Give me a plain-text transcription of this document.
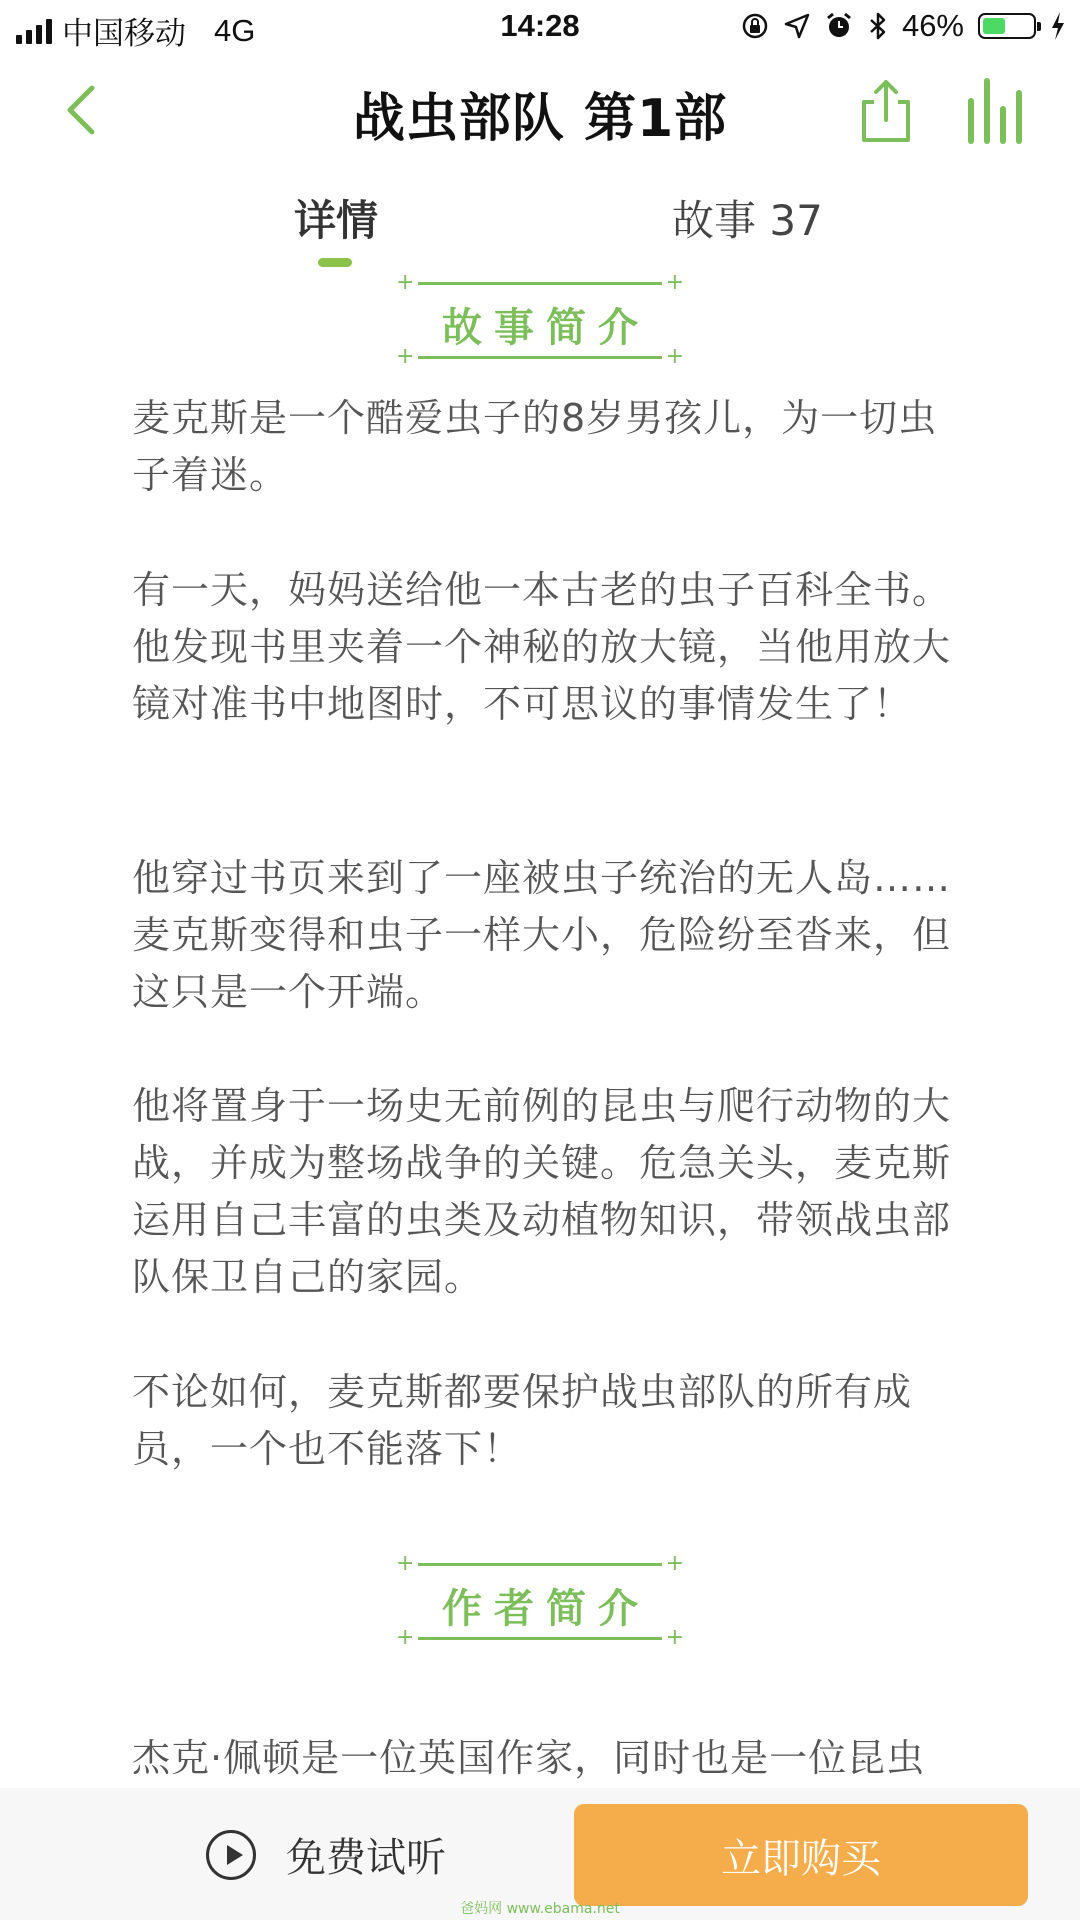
中国移动 4G	14:28	46%
战虫部队 第1部
详情	故事 37
+	+
故事简介
+	+

麦克斯是一个酷爱虫子的8岁男孩儿，为一切虫子着迷。

有一天，妈妈送给他一本古老的虫子百科全书。他发现书里夹着一个神秘的放大镜，当他用放大镜对准书中地图时，不可思议的事情发生了！

他穿过书页来到了一座被虫子统治的无人岛……麦克斯变得和虫子一样大小，危险纷至沓来，但这只是一个开端。

他将置身于一场史无前例的昆虫与爬行动物的大战，并成为整场战争的关键。危急关头，麦克斯运用自己丰富的虫类及动植物知识，带领战虫部队保卫自己的家园。

不论如何，麦克斯都要保护战虫部队的所有成员，一个也不能落下！

+	+
作者简介
+	+

杰克·佩顿是一位英国作家，同时也是一位昆虫

免费试听	立即购买
爸妈网 www.ebama.net
